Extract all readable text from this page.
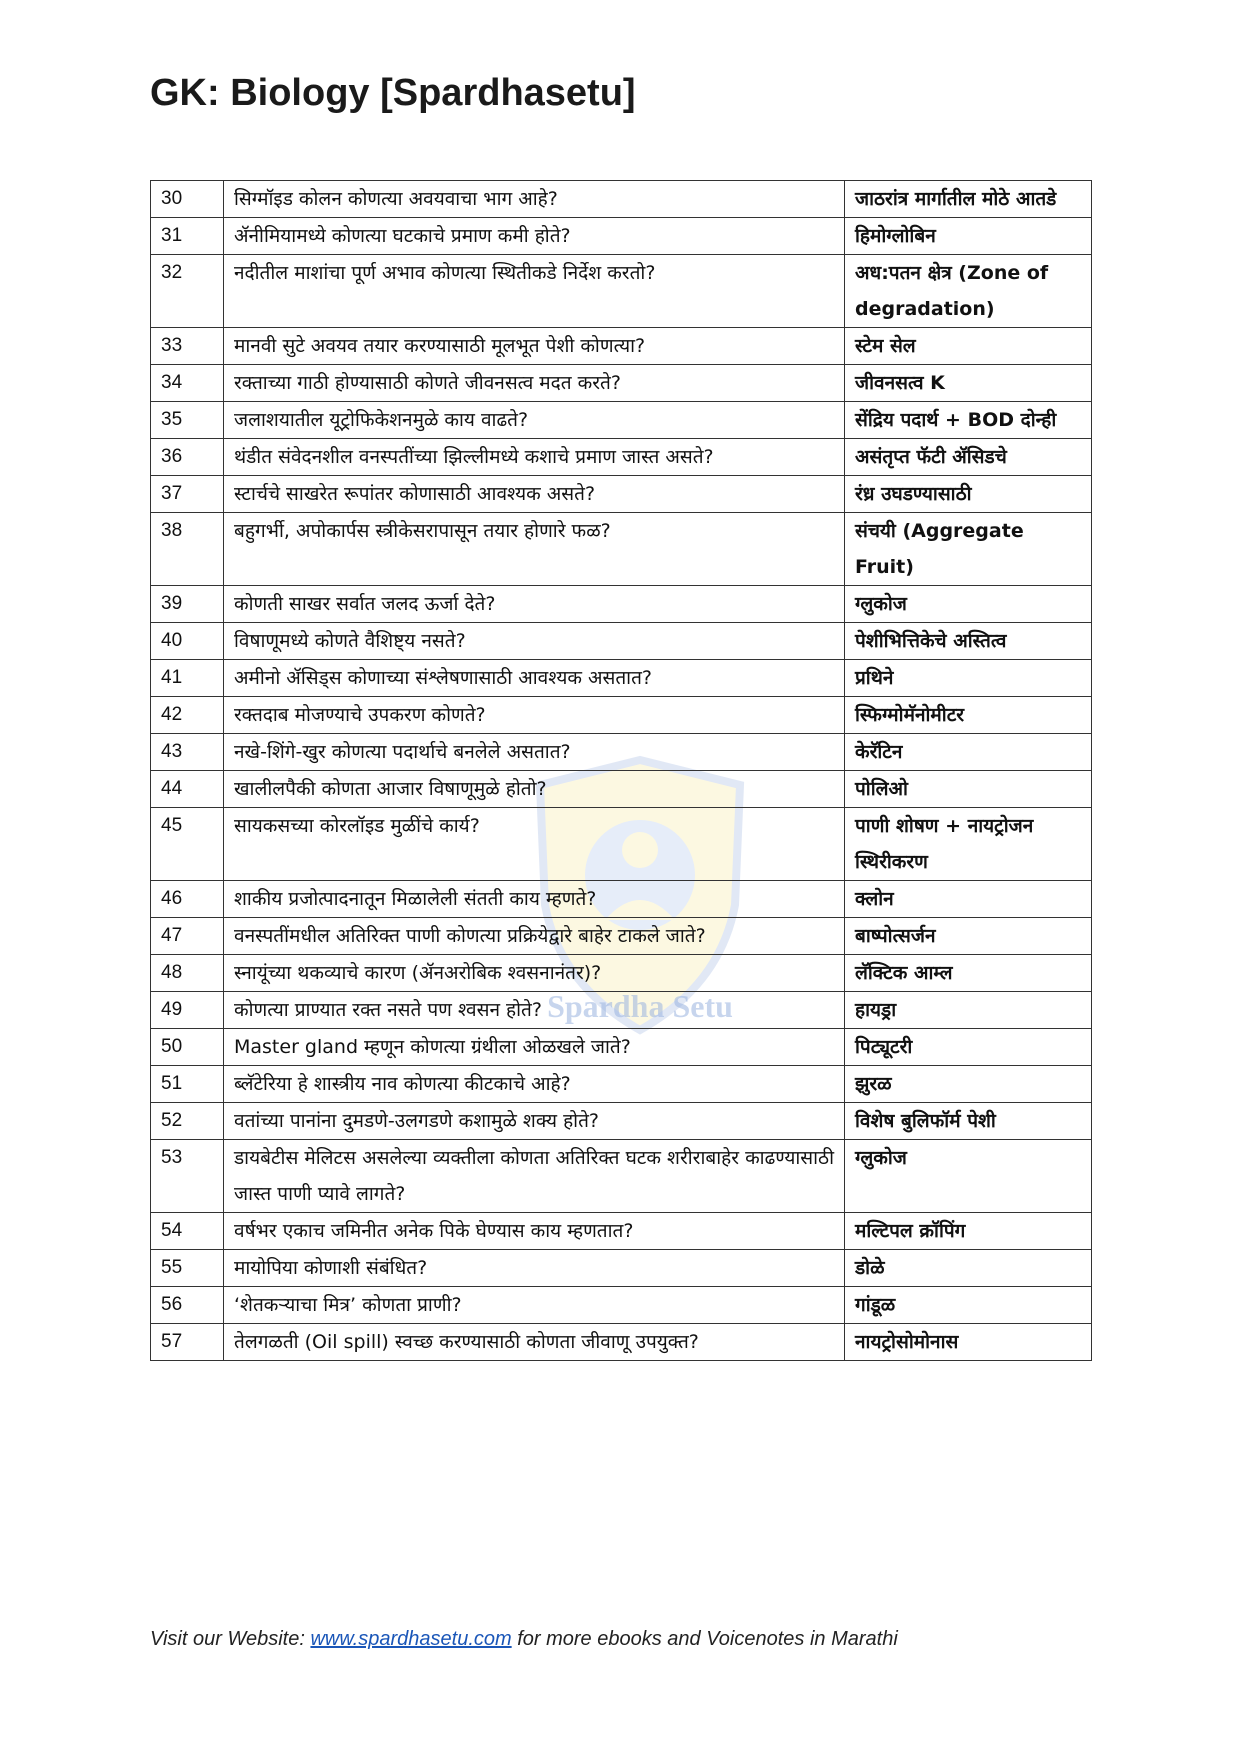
GK: Biology [Spardhasetu]
Spardha Setu
30	सिग्मॉइड कोलन कोणत्या अवयवाचा भाग आहे?	जाठरांत्र मार्गातील मोठे आतडे
31	ॲनीमियामध्ये कोणत्या घटकाचे प्रमाण कमी होते?	हिमोग्लोबिन
32	नदीतील माशांचा पूर्ण अभाव कोणत्या स्थितीकडे निर्देश करतो?	अध:पतन क्षेत्र (Zone of degradation)
33	मानवी सुटे अवयव तयार करण्यासाठी मूलभूत पेशी कोणत्या?	स्टेम सेल
34	रक्ताच्या गाठी होण्यासाठी कोणते जीवनसत्व मदत करते?	जीवनसत्व K
35	जलाशयातील यूट्रोफिकेशनमुळे काय वाढते?	सेंद्रिय पदार्थ + BOD दोन्ही
36	थंडीत संवेदनशील वनस्पतींच्या झिल्लीमध्ये कशाचे प्रमाण जास्त असते?	असंतृप्त फॅटी ॲसिडचे
37	स्टार्चचे साखरेत रूपांतर कोणासाठी आवश्यक असते?	रंध्र उघडण्यासाठी
38	बहुगर्भी, अपोकार्पस स्त्रीकेसरापासून तयार होणारे फळ?	संचयी (Aggregate Fruit)
39	कोणती साखर सर्वात जलद ऊर्जा देते?	ग्लुकोज
40	विषाणूमध्ये कोणते वैशिष्ट्य नसते?	पेशीभित्तिकेचे अस्तित्व
41	अमीनो ॲसिड्स कोणाच्या संश्लेषणासाठी आवश्यक असतात?	प्रथिने
42	रक्तदाब मोजण्याचे उपकरण कोणते?	स्फिग्मोमॅनोमीटर
43	नखे-शिंगे-खुर कोणत्या पदार्थाचे बनलेले असतात?	केरॅटिन
44	खालीलपैकी कोणता आजार विषाणूमुळे होतो?	पोलिओ
45	सायकसच्या कोरलॉइड मुळींचे कार्य?	पाणी शोषण + नायट्रोजन स्थिरीकरण
46	शाकीय प्रजोत्पादनातून मिळालेली संतती काय म्हणते?	क्लोन
47	वनस्पतींमधील अतिरिक्त पाणी कोणत्या प्रक्रियेद्वारे बाहेर टाकले जाते?	बाष्पोत्सर्जन
48	स्नायूंच्या थकव्याचे कारण (ॲनअरोबिक श्वसनानंतर)?	लॅक्टिक आम्ल
49	कोणत्या प्राण्यात रक्त नसते पण श्वसन होते?	हायड्रा
50	Master gland म्हणून कोणत्या ग्रंथीला ओळखले जाते?	पिट्यूटरी
51	ब्लॅटेरिया हे शास्त्रीय नाव कोणत्या कीटकाचे आहे?	झुरळ
52	वतांच्या पानांना दुमडणे-उलगडणे कशामुळे शक्य होते?	विशेष बुलिफॉर्म पेशी
53	डायबेटीस मेलिटस असलेल्या व्यक्तीला कोणता अतिरिक्त घटक शरीराबाहेर काढण्यासाठी जास्त पाणी प्यावे लागते?	ग्लुकोज
54	वर्षभर एकाच जमिनीत अनेक पिके घेण्यास काय म्हणतात?	मल्टिपल क्रॉपिंग
55	मायोपिया कोणाशी संबंधित?	डोळे
56	‘शेतकऱ्याचा मित्र’ कोणता प्राणी?	गांडूळ
57	तेलगळती (Oil spill) स्वच्छ करण्यासाठी कोणता जीवाणू उपयुक्त?	नायट्रोसोमोनास
Visit our Website: www.spardhasetu.com for more ebooks and Voicenotes in Marathi
